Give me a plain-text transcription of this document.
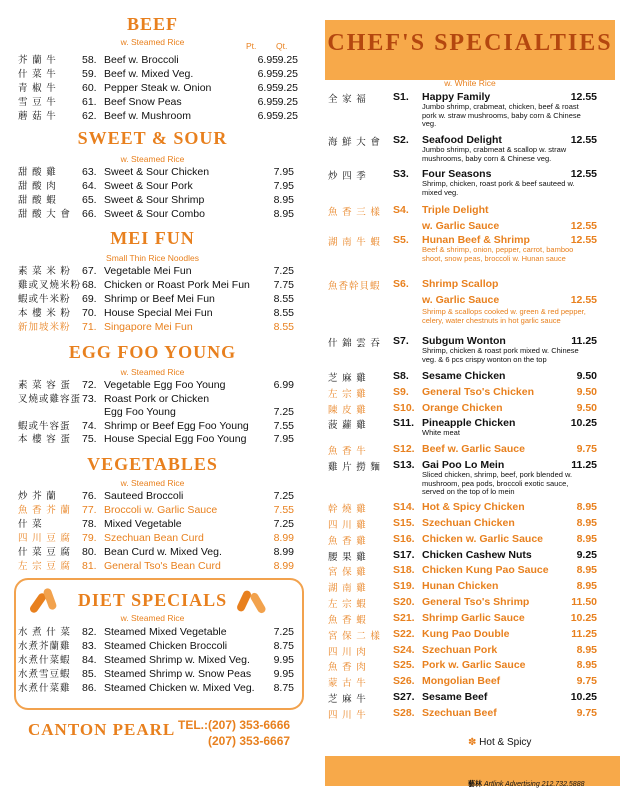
BEEF
w. Steamed Rice	Pt. Qt.
芥 蘭 牛	58. Beef w. Broccoli	6.95 9.25
什 菜 牛	59. Beef w. Mixed Veg.	6.95 9.25
青 椒 牛	60. Pepper Steak w. Onion	6.95 9.25
雪 豆 牛	61. Beef Snow Peas	6.95 9.25
蘑 菇 牛	62. Beef w. Mushroom	6.95 9.25
SWEET & SOUR
w. Steamed Rice
甜 酸 雞	63. Sweet & Sour Chicken	7.95
甜 酸 肉	64. Sweet & Sour Pork	7.95
甜 酸 蝦	65. Sweet & Sour Shrimp	8.95
甜 酸 大 會	66. Sweet & Sour Combo	8.95
MEI FUN
Small Thin Rice Noodles
素 菜 米 粉	67. Vegetable Mei Fun	7.25
雞或叉燒米粉 68. Chicken or Roast Pork Mei Fun 7.75
蝦或牛米粉	69. Shrimp or Beef Mei Fun	8.55
本 樓 米 粉	70. House Special Mei Fun	8.55
新加坡米粉	71. Singapore Mei Fun	8.55
EGG FOO YOUNG
w. Steamed Rice
素 菜 容 蛋	72. Vegetable Egg Foo Young	6.99
叉燒或雞容蛋 73. Roast Pork or Chicken
Egg Foo Young	7.25
蝦或牛容蛋	74. Shrimp or Beef Egg Foo Young 7.55
本 樓 容 蛋	75. House Special Egg Foo Young	7.95
VEGETABLES
w. Steamed Rice
炒 芥 蘭	76. Sauteed Broccoli	7.25
魚 香 芥 蘭	77. Broccoli w. Garlic Sauce	7.55
什 菜	78. Mixed Vegetable	7.25
四 川 豆 腐	79. Szechuan Bean Curd	8.99
什 菜 豆 腐	80. Bean Curd w. Mixed Veg.	8.99
左 宗 豆 腐	81. General Tso's Bean Curd	8.99
DIET SPECIALS
w. Steamed Rice
水 煮 什 菜	82. Steamed Mixed Vegetable	7.25
水煮芥蘭雞	83. Steamed Chicken Broccoli	8.75
水煮什菜蝦	84. Steamed Shrimp w. Mixed Veg. 9.95
水煮雪豆蝦	85. Steamed Shrimp w. Snow Peas 9.95
水煮什菜雞	86. Steamed Chicken w. Mixed Veg. 8.75
CANTON PEARL TEL.: (207) 353-6666
(207) 353-6667
CHEF'S SPECIALTIES
w. White Rice
全 家 福	S1. Happy Family	12.55
Jumbo shrimp, crabmeat, chicken, beef & roast pork w. straw mushrooms, baby corn & Chinese veg.
海 鮮 大 會	S2. Seafood Delight	12.55
Jumbo shrimp, crabmeat & scallop w. straw mushrooms, baby corn & Chinese veg.
炒 四 季	S3. Four Seasons	12.55
Shrimp, chicken, roast pork & beef sauteed w. mixed veg.
魚 香 三 樣	S4. Triple Delight
w. Garlic Sauce	12.55
湖 南 牛 蝦	S5. Hunan Beef & Shrimp	12.55
Beef & shrimp, onion, pepper, carrot, bamboo shoot, snow peas, broccoli w. Hunan sauce
魚香幹貝蝦	S6. Shrimp Scallop
w. Garlic Sauce	12.55
Shrimp & scallops cooked w. green & red pepper, celery, water chestnuts in hot garlic sauce
什 錦 雲 吞	S7. Subgum Wonton	11.25
Shrimp, chicken & roast pork mixed w. Chinese veg. & 6 pcs crispy wonton on the top
芝 麻 雞	S8. Sesame Chicken	9.50
左 宗 雞	S9. General Tso's Chicken	9.50
陳 皮 雞	S10. Orange Chicken	9.50
菠 蘿 雞	S11. Pineapple Chicken	10.25
White meat
魚 香 牛	S12. Beef w. Garlic Sauce	9.75
雞 片 撈 麵	S13. Gai Poo Lo Mein	11.25
Sliced chicken, shrimp, beef, pork blended w. mushroom, pea pods, broccoli exotic sauce, served on the top of lo mein
幹 燒 雞	S14. Hot & Spicy Chicken	8.95
四 川 雞	S15. Szechuan Chicken	8.95
魚 香 雞	S16. Chicken w. Garlic Sauce	8.95
腰 果 雞	S17. Chicken Cashew Nuts	9.25
宮 保 雞	S18. Chicken Kung Pao Sauce	8.95
湖 南 雞	S19. Hunan Chicken	8.95
左 宗 蝦	S20. General Tso's Shrimp	11.50
魚 香 蝦	S21. Shrimp Garlic Sauce	10.25
宮 保 二 樣	S22. Kung Pao Double	11.25
四 川 肉	S24. Szechuan Pork	8.95
魚 香 肉	S25. Pork w. Garlic Sauce	8.95
蒙 古 牛	S26. Mongolian Beef	9.75
芝 麻 牛	S27. Sesame Beef	10.25
四 川 牛	S28. Szechuan Beef	9.75
✽ Hot & Spicy
藝林 Artlink Advertising 212.732.5888
